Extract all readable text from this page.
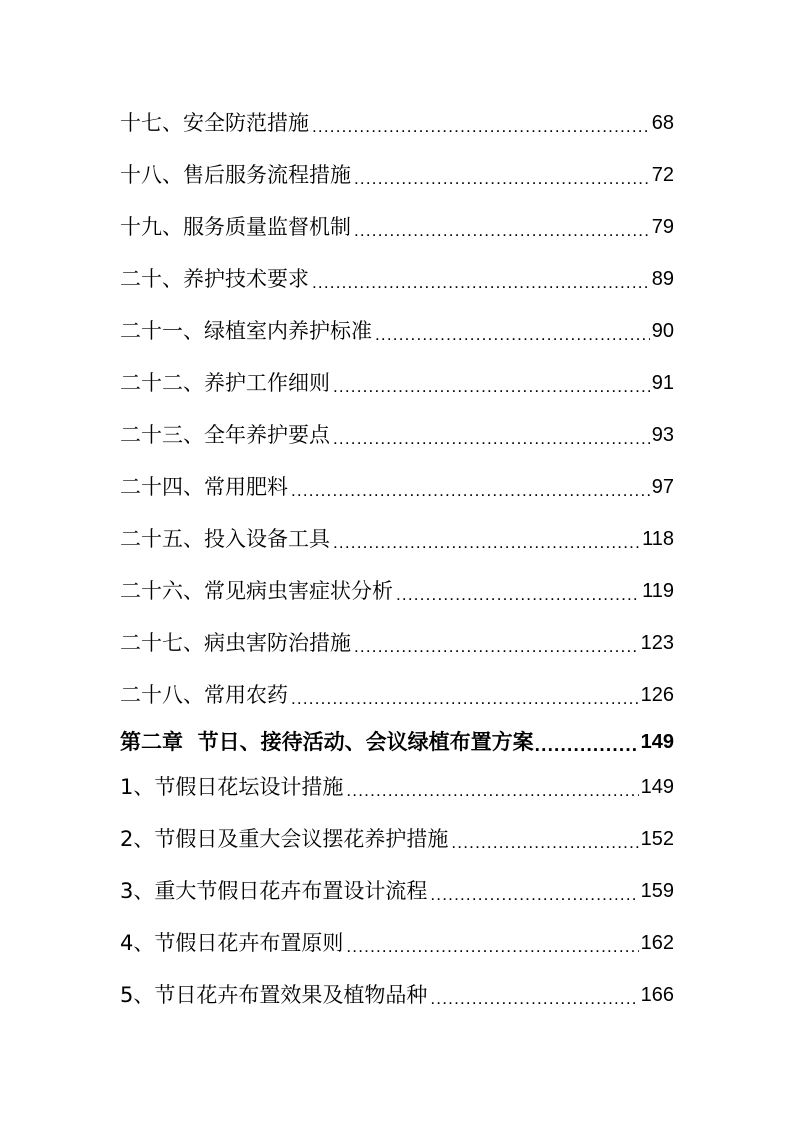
十七、安全防范措施 .....	68
十八、售后服务流程措施 .....	72
十九、服务质量监督机制 .....	79
二十、养护技术要求 .....	89
二十一、绿植室内养护标准 .....	90
二十二、养护工作细则 .....	91
二十三、全年养护要点 .....	93
二十四、常用肥料 .....	97
二十五、投入设备工具 .....	118
二十六、常见病虫害症状分析 .....	119
二十七、病虫害防治措施 .....	123
二十八、常用农药 .....	126
第二章  节日、接待活动、会议绿植布置方案 .....	149
1、节假日花坛设计措施 .....	149
2、节假日及重大会议摆花养护措施 .....	152
3、重大节假日花卉布置设计流程 .....	159
4、节假日花卉布置原则 .....	162
5、节日花卉布置效果及植物品种 .....	166
